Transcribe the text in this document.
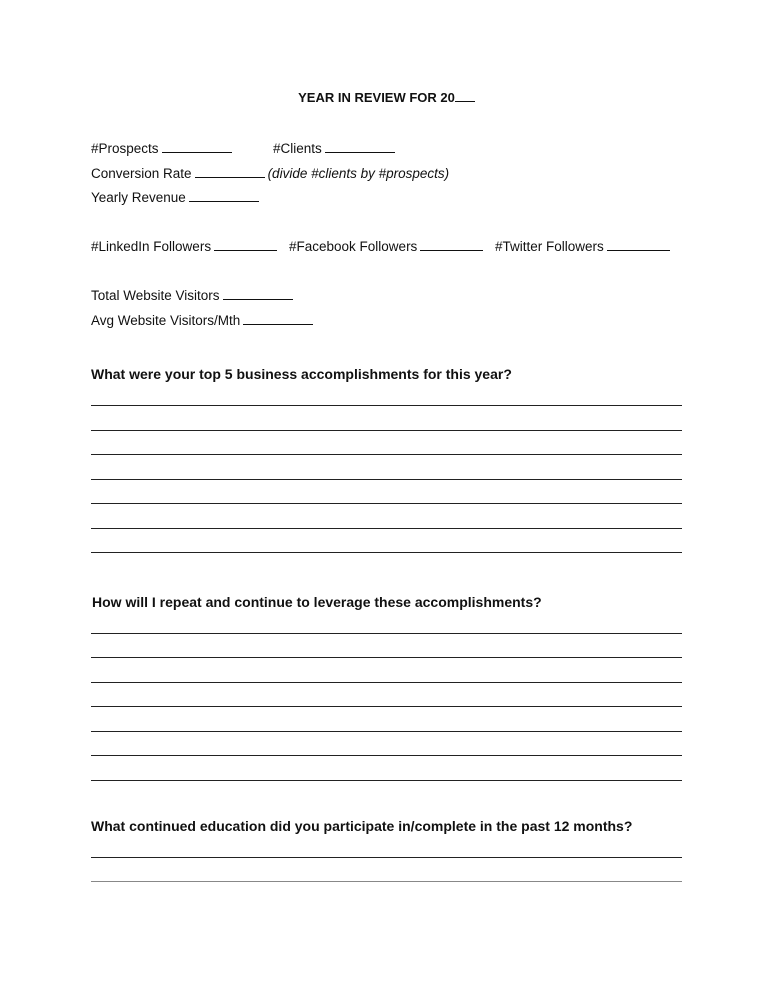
YEAR IN REVIEW FOR 20
#Prospects	#Clients
Conversion Rate	(divide #clients by #prospects)
Yearly Revenue
#LinkedIn Followers	#Facebook Followers	#Twitter Followers
Total Website Visitors
Avg Website Visitors/Mth
What were your top 5 business accomplishments for this year?
How will I repeat and continue to leverage these accomplishments?
What continued education did you participate in/complete in the past 12 months?
